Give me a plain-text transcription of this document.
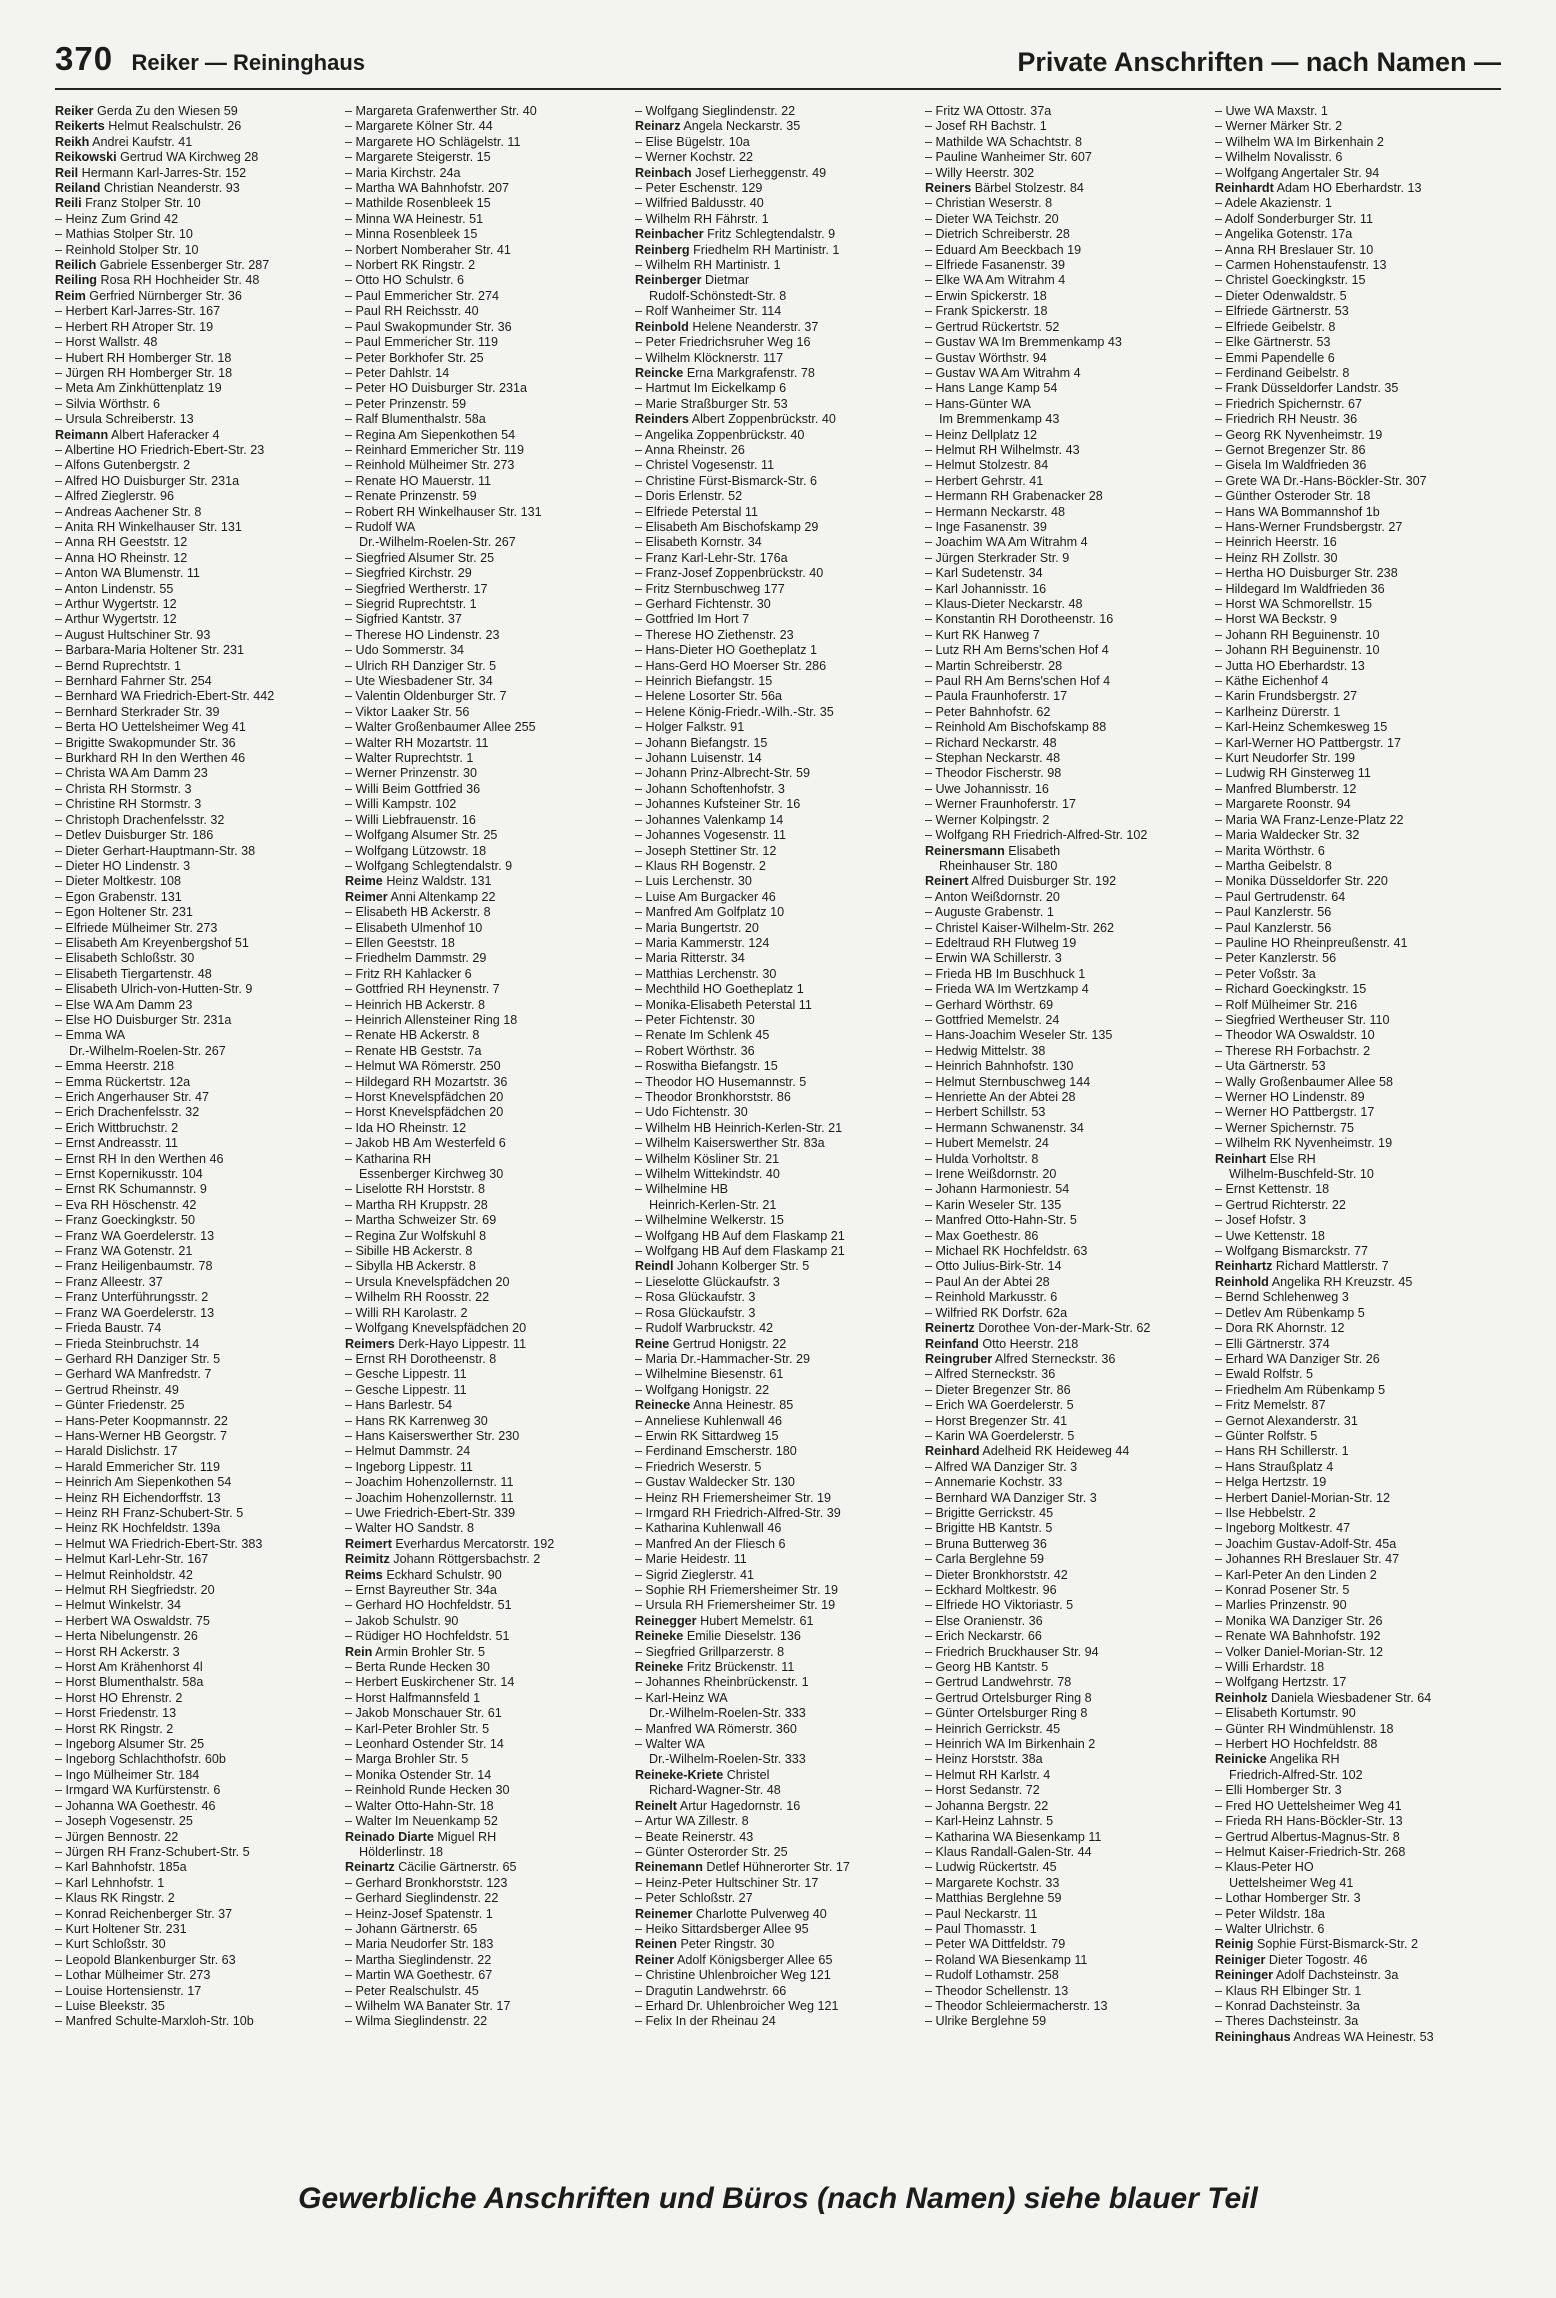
370 Reiker — Reininghaus	Private Anschriften — nach Namen —
Reiker Gerda Zu den Wiesen 59
Reikerts Helmut Realschulstr. 26
Reikh Andrei Kaufstr. 41
Reikowski Gertrud WA Kirchweg 28
Reil Hermann Karl-Jarres-Str. 152
Reiland Christian Neanderstr. 93
Reili Franz Stolper Str. 10
– Heinz Zum Grind 42
– Mathias Stolper Str. 10
– Reinhold Stolper Str. 10
Reilich Gabriele Essenberger Str. 287
Reiling Rosa RH Hochheider Str. 48
Reim Gerfried Nürnberger Str. 36
– Herbert Karl-Jarres-Str. 167
– Herbert RH Atroper Str. 19
– Horst Wallstr. 48
– Hubert RH Homberger Str. 18
– Jürgen RH Homberger Str. 18
– Meta Am Zinkhüttenplatz 19
– Silvia Wörthstr. 6
– Ursula Schreiberstr. 13
Reimann Albert Haferacker 4
– Albertine HO Friedrich-Ebert-Str. 23
– Alfons Gutenbergstr. 2
– Alfred HO Duisburger Str. 231a
– Alfred Zieglerstr. 96
– Andreas Aachener Str. 8
– Anita RH Winkelhauser Str. 131
– Anna RH Geeststr. 12
– Anna HO Rheinstr. 12
– Anton WA Blumenstr. 11
– Anton Lindenstr. 55
– Arthur Wygertstr. 12
– Arthur Wygertstr. 12
– August Hultschiner Str. 93
– Barbara-Maria Holtener Str. 231
– Bernd Ruprechtstr. 1
– Bernhard Fahrner Str. 254
– Bernhard WA Friedrich-Ebert-Str. 442
– Bernhard Sterkrader Str. 39
– Berta HO Uettelsheimer Weg 41
– Brigitte Swakopmunder Str. 36
– Burkhard RH In den Werthen 46
– Christa WA Am Damm 23
– Christa RH Stormstr. 3
– Christine RH Stormstr. 3
– Christoph Drachenfelsstr. 32
– Detlev Duisburger Str. 186
– Dieter Gerhart-Hauptmann-Str. 38
– Dieter HO Lindenstr. 3
– Dieter Moltkestr. 108
– Egon Grabenstr. 131
– Egon Holtener Str. 231
– Elfriede Mülheimer Str. 273
– Elisabeth Am Kreyenbergshof 51
– Elisabeth Schloßstr. 30
– Elisabeth Tiergartenstr. 48
– Elisabeth Ulrich-von-Hutten-Str. 9
– Else WA Am Damm 23
– Else HO Duisburger Str. 231a
– Emma WA
Dr.-Wilhelm-Roelen-Str. 267
– Emma Heerstr. 218
– Emma Rückertstr. 12a
– Erich Angerhauser Str. 47
– Erich Drachenfelsstr. 32
– Erich Wittbruchstr. 2
– Ernst Andreasstr. 11
– Ernst RH In den Werthen 46
– Ernst Kopernikusstr. 104
– Ernst RK Schumannstr. 9
– Eva RH Höschenstr. 42
– Franz Goeckingkstr. 50
– Franz WA Goerdelerstr. 13
– Franz WA Gotenstr. 21
– Franz Heiligenbaumstr. 78
– Franz Alleestr. 37
– Franz Unterführungsstr. 2
– Franz WA Goerdelerstr. 13
– Frieda Baustr. 74
– Frieda Steinbruchstr. 14
– Gerhard RH Danziger Str. 5
– Gerhard WA Manfredstr. 7
– Gertrud Rheinstr. 49
– Günter Friedenstr. 25
– Hans-Peter Koopmannstr. 22
– Hans-Werner HB Georgstr. 7
– Harald Dislichstr. 17
– Harald Emmericher Str. 119
– Heinrich Am Siepenkothen 54
– Heinz RH Eichendorffstr. 13
– Heinz RH Franz-Schubert-Str. 5
– Heinz RK Hochfeldstr. 139a
– Helmut WA Friedrich-Ebert-Str. 383
– Helmut Karl-Lehr-Str. 167
– Helmut Reinholdstr. 42
– Helmut RH Siegfriedstr. 20
– Helmut Winkelstr. 34
– Herbert WA Oswaldstr. 75
– Herta Nibelungenstr. 26
– Horst RH Ackerstr. 3
– Horst Am Krähenhorst 4l
– Horst Blumenthalstr. 58a
– Horst HO Ehrenstr. 2
– Horst Friedenstr. 13
– Horst RK Ringstr. 2
– Ingeborg Alsumer Str. 25
– Ingeborg Schlachthofstr. 60b
– Ingo Mülheimer Str. 184
– Irmgard WA Kurfürstenstr. 6
– Johanna WA Goethestr. 46
– Joseph Vogesenstr. 25
– Jürgen Bennostr. 22
– Jürgen RH Franz-Schubert-Str. 5
– Karl Bahnhofstr. 185a
– Karl Lehnhofstr. 1
– Klaus RK Ringstr. 2
– Konrad Reichenberger Str. 37
– Kurt Holtener Str. 231
– Kurt Schloßstr. 30
– Leopold Blankenburger Str. 63
– Lothar Mülheimer Str. 273
– Louise Hortensienstr. 17
– Luise Bleekstr. 35
– Manfred Schulte-Marxloh-Str. 10b
– Margareta Grafenwerther Str. 40
– Margarete Kölner Str. 44
– Margarete HO Schlägelstr. 11
– Margarete Steigerstr. 15
– Maria Kirchstr. 24a
– Martha WA Bahnhofstr. 207
– Mathilde Rosenbleek 15
– Minna WA Heinestr. 51
– Minna Rosenbleek 15
– Norbert Nomberaher Str. 41
– Norbert RK Ringstr. 2
– Otto HO Schulstr. 6
– Paul Emmericher Str. 274
– Paul RH Reichsstr. 40
– Paul Swakopmunder Str. 36
– Paul Emmericher Str. 119
– Peter Borkhofer Str. 25
– Peter Dahlstr. 14
– Peter HO Duisburger Str. 231a
– Peter Prinzenstr. 59
– Ralf Blumenthalstr. 58a
– Regina Am Siepenkothen 54
– Reinhard Emmericher Str. 119
– Reinhold Mülheimer Str. 273
– Renate HO Mauerstr. 11
– Renate Prinzenstr. 59
– Robert RH Winkelhauser Str. 131
– Rudolf WA
Dr.-Wilhelm-Roelen-Str. 267
– Siegfried Alsumer Str. 25
– Siegfried Kirchstr. 29
– Siegfried Wertherstr. 17
– Siegrid Ruprechtstr. 1
– Sigfried Kantstr. 37
– Therese HO Lindenstr. 23
– Udo Sommerstr. 34
– Ulrich RH Danziger Str. 5
– Ute Wiesbadener Str. 34
– Valentin Oldenburger Str. 7
– Viktor Laaker Str. 56
– Walter Großenbaumer Allee 255
– Walter RH Mozartstr. 11
– Walter Ruprechtstr. 1
– Werner Prinzenstr. 30
– Willi Beim Gottfried 36
– Willi Kampstr. 102
– Willi Liebfrauenstr. 16
– Wolfgang Alsumer Str. 25
– Wolfgang Lützowstr. 18
– Wolfgang Schlegtendalstr. 9
Reime Heinz Waldstr. 131
Reimer Anni Altenkamp 22
– Elisabeth HB Ackerstr. 8
– Elisabeth Ulmenhof 10
– Ellen Geeststr. 18
– Friedhelm Dammstr. 29
– Fritz RH Kahlacker 6
– Gottfried RH Heynenstr. 7
– Heinrich HB Ackerstr. 8
– Heinrich Allensteiner Ring 18
– Renate HB Ackerstr. 8
– Renate HB Geststr. 7a
– Helmut WA Römerstr. 250
– Hildegard RH Mozartstr. 36
– Horst Knevelspfädchen 20
– Horst Knevelspfädchen 20
– Ida HO Rheinstr. 12
– Jakob HB Am Westerfeld 6
– Katharina RH
Essenberger Kirchweg 30
– Liselotte RH Horststr. 8
– Martha RH Kruppstr. 28
– Martha Schweizer Str. 69
– Regina Zur Wolfskuhl 8
– Sibille HB Ackerstr. 8
– Sibylla HB Ackerstr. 8
– Ursula Knevelspfädchen 20
– Wilhelm RH Roosstr. 22
– Willi RH Karolastr. 2
– Wolfgang Knevelspfädchen 20
Reimers Derk-Hayo Lippestr. 11
– Ernst RH Dorotheenstr. 8
– Gesche Lippestr. 11
– Gesche Lippestr. 11
– Hans Barlestr. 54
– Hans RK Karrenweg 30
– Hans Kaiserswerther Str. 230
– Helmut Dammstr. 24
– Ingeborg Lippestr. 11
– Joachim Hohenzollernstr. 11
– Joachim Hohenzollernstr. 11
– Uwe Friedrich-Ebert-Str. 339
– Walter HO Sandstr. 8
Reimert Everhardus Mercatorstr. 192
Reimitz Johann Röttgersbachstr. 2
Reims Eckhard Schulstr. 90
– Ernst Bayreuther Str. 34a
– Gerhard HO Hochfeldstr. 51
– Jakob Schulstr. 90
– Rüdiger HO Hochfeldstr. 51
Rein Armin Brohler Str. 5
– Berta Runde Hecken 30
– Herbert Euskirchener Str. 14
– Horst Halfmannsfeld 1
– Jakob Monschauer Str. 61
– Karl-Peter Brohler Str. 5
– Leonhard Ostender Str. 14
– Marga Brohler Str. 5
– Monika Ostender Str. 14
– Reinhold Runde Hecken 30
– Walter Otto-Hahn-Str. 18
– Walter Im Neuenkamp 52
Reinado Diarte Miguel RH
Hölderlinstr. 18
Reinartz Cäcilie Gärtnerstr. 65
– Gerhard Bronkhorststr. 123
– Gerhard Sieglindenstr. 22
– Heinz-Josef Spatenstr. 1
– Johann Gärtnerstr. 65
– Maria Neudorfer Str. 183
– Martha Sieglindenstr. 22
– Martin WA Goethestr. 67
– Peter Realschulstr. 45
– Wilhelm WA Banater Str. 17
– Wilma Sieglindenstr. 22
– Wolfgang Sieglindenstr. 22
Reinarz Angela Neckarstr. 35
– Elise Bügelstr. 10a
– Werner Kochstr. 22
Reinbach Josef Lierheggenstr. 49
– Peter Eschenstr. 129
– Wilfried Baldusstr. 40
– Wilhelm RH Fährstr. 1
Reinbacher Fritz Schlegtendalstr. 9
Reinberg Friedhelm RH Martinistr. 1
– Wilhelm RH Martinistr. 1
Reinberger Dietmar
Rudolf-Schönstedt-Str. 8
– Rolf Wanheimer Str. 114
Reinbold Helene Neanderstr. 37
– Peter Friedrichsruher Weg 16
– Wilhelm Klöcknerstr. 117
Reincke Erna Markgrafenstr. 78
– Hartmut Im Eickelkamp 6
– Marie Straßburger Str. 53
Reinders Albert Zoppenbrückstr. 40
– Angelika Zoppenbrückstr. 40
– Anna Rheinstr. 26
– Christel Vogesenstr. 11
– Christine Fürst-Bismarck-Str. 6
– Doris Erlenstr. 52
– Elfriede Peterstal 11
– Elisabeth Am Bischofskamp 29
– Elisabeth Kornstr. 34
– Franz Karl-Lehr-Str. 176a
– Franz-Josef Zoppenbrückstr. 40
– Fritz Sternbuschweg 177
– Gerhard Fichtenstr. 30
– Gottfried Im Hort 7
– Therese HO Ziethenstr. 23
– Hans-Dieter HO Goetheplatz 1
– Hans-Gerd HO Moerser Str. 286
– Heinrich Biefangstr. 15
– Helene Losorter Str. 56a
– Helene König-Friedr.-Wilh.-Str. 35
– Holger Falkstr. 91
– Johann Biefangstr. 15
– Johann Luisenstr. 14
– Johann Prinz-Albrecht-Str. 59
– Johann Schoftenhofstr. 3
– Johannes Kufsteiner Str. 16
– Johannes Valenkamp 14
– Johannes Vogesenstr. 11
– Joseph Stettiner Str. 12
– Klaus RH Bogenstr. 2
– Luis Lerchenstr. 30
– Luise Am Burgacker 46
– Manfred Am Golfplatz 10
– Maria Bungertstr. 20
– Maria Kammerstr. 124
– Maria Ritterstr. 34
– Matthias Lerchenstr. 30
– Mechthild HO Goetheplatz 1
– Monika-Elisabeth Peterstal 11
– Peter Fichtenstr. 30
– Renate Im Schlenk 45
– Robert Wörthstr. 36
– Roswitha Biefangstr. 15
– Theodor HO Husemannstr. 5
– Theodor Bronkhorststr. 86
– Udo Fichtenstr. 30
– Wilhelm HB Heinrich-Kerlen-Str. 21
– Wilhelm Kaiserswerther Str. 83a
– Wilhelm Kösliner Str. 21
– Wilhelm Wittekindstr. 40
– Wilhelmine HB
Heinrich-Kerlen-Str. 21
– Wilhelmine Welkerstr. 15
– Wolfgang HB Auf dem Flaskamp 21
– Wolfgang HB Auf dem Flaskamp 21
Reindl Johann Kolberger Str. 5
– Lieselotte Glückaufstr. 3
– Rosa Glückaufstr. 3
– Rosa Glückaufstr. 3
– Rudolf Warbruckstr. 42
Reine Gertrud Honigstr. 22
– Maria Dr.-Hammacher-Str. 29
– Wilhelmine Biesenstr. 61
– Wolfgang Honigstr. 22
Reinecke Anna Heinestr. 85
– Anneliese Kuhlenwall 46
– Erwin RK Sittardweg 15
– Ferdinand Emscherstr. 180
– Friedrich Weserstr. 5
– Gustav Waldecker Str. 130
– Heinz RH Friemersheimer Str. 19
– Irmgard RH Friedrich-Alfred-Str. 39
– Katharina Kuhlenwall 46
– Manfred An der Fliesch 6
– Marie Heidestr. 11
– Sigrid Zieglerstr. 41
– Sophie RH Friemersheimer Str. 19
– Ursula RH Friemersheimer Str. 19
Reinegger Hubert Memelstr. 61
Reineke Emilie Dieselstr. 136
– Siegfried Grillparzerstr. 8
Reineke Fritz Brückenstr. 11
– Johannes Rheinbrückenstr. 1
– Karl-Heinz WA
Dr.-Wilhelm-Roelen-Str. 333
– Manfred WA Römerstr. 360
– Walter WA
Dr.-Wilhelm-Roelen-Str. 333
Reineke-Kriete Christel
Richard-Wagner-Str. 48
Reinelt Artur Hagedornstr. 16
– Artur WA Zillestr. 8
– Beate Reinerstr. 43
– Günter Osterorder Str. 25
Reinemann Detlef Hühnerorter Str. 17
– Heinz-Peter Hultschiner Str. 17
– Peter Schloßstr. 27
Reinemer Charlotte Pulverweg 40
– Heiko Sittardsberger Allee 95
Reinen Peter Ringstr. 30
Reiner Adolf Königsberger Allee 65
– Christine Uhlenbroicher Weg 121
– Dragutin Landwehrstr. 66
– Erhard Dr. Uhlenbroicher Weg 121
– Felix In der Rheinau 24
– Fritz WA Ottostr. 37a
– Josef RH Bachstr. 1
– Mathilde WA Schachtstr. 8
– Pauline Wanheimer Str. 607
– Willy Heerstr. 302
Reiners Bärbel Stolzestr. 84
– Christian Weserstr. 8
– Dieter WA Teichstr. 20
– Dietrich Schreiberstr. 28
– Eduard Am Beeckbach 19
– Elfriede Fasanenstr. 39
– Elke WA Am Witrahm 4
– Erwin Spickerstr. 18
– Frank Spickerstr. 18
– Gertrud Rückertstr. 52
– Gustav WA Im Bremmenkamp 43
– Gustav Wörthstr. 94
– Gustav WA Am Witrahm 4
– Hans Lange Kamp 54
– Hans-Günter WA
Im Bremmenkamp 43
– Heinz Dellplatz 12
– Helmut RH Wilhelmstr. 43
– Helmut Stolzestr. 84
– Herbert Gehrstr. 41
– Hermann RH Grabenacker 28
– Hermann Neckarstr. 48
– Inge Fasanenstr. 39
– Joachim WA Am Witrahm 4
– Jürgen Sterkrader Str. 9
– Karl Sudetenstr. 34
– Karl Johannisstr. 16
– Klaus-Dieter Neckarstr. 48
– Konstantin RH Dorotheenstr. 16
– Kurt RK Hanweg 7
– Lutz RH Am Berns'schen Hof 4
– Martin Schreiberstr. 28
– Paul RH Am Berns'schen Hof 4
– Paula Fraunhoferstr. 17
– Peter Bahnhofstr. 62
– Reinhold Am Bischofskamp 88
– Richard Neckarstr. 48
– Stephan Neckarstr. 48
– Theodor Fischerstr. 98
– Uwe Johannisstr. 16
– Werner Fraunhoferstr. 17
– Werner Kolpingstr. 2
– Wolfgang RH Friedrich-Alfred-Str. 102
Reinersmann Elisabeth
Rheinhauser Str. 180
Reinert Alfred Duisburger Str. 192
– Anton Weißdornstr. 20
– Auguste Grabenstr. 1
– Christel Kaiser-Wilhelm-Str. 262
– Edeltraud RH Flutweg 19
– Erwin WA Schillerstr. 3
– Frieda HB Im Buschhuck 1
– Frieda WA Im Wertzkamp 4
– Gerhard Wörthstr. 69
– Gottfried Memelstr. 24
– Hans-Joachim Weseler Str. 135
– Hedwig Mittelstr. 38
– Heinrich Bahnhofstr. 130
– Helmut Sternbuschweg 144
– Henriette An der Abtei 28
– Herbert Schillstr. 53
– Hermann Schwanenstr. 34
– Hubert Memelstr. 24
– Hulda Vorholtstr. 8
– Irene Weißdornstr. 20
– Johann Harmoniestr. 54
– Karin Weseler Str. 135
– Manfred Otto-Hahn-Str. 5
– Max Goethestr. 86
– Michael RK Hochfeldstr. 63
– Otto Julius-Birk-Str. 14
– Paul An der Abtei 28
– Reinhold Markusstr. 6
– Wilfried RK Dorfstr. 62a
Reinertz Dorothee Von-der-Mark-Str. 62
Reinfand Otto Heerstr. 218
Reingruber Alfred Sterneckstr. 36
– Alfred Sterneckstr. 36
– Dieter Bregenzer Str. 86
– Erich WA Goerdelerstr. 5
– Horst Bregenzer Str. 41
– Karin WA Goerdelerstr. 5
Reinhard Adelheid RK Heideweg 44
– Alfred WA Danziger Str. 3
– Annemarie Kochstr. 33
– Bernhard WA Danziger Str. 3
– Brigitte Gerrickstr. 45
– Brigitte HB Kantstr. 5
– Bruna Butterweg 36
– Carla Berglehne 59
– Dieter Bronkhorststr. 42
– Eckhard Moltkestr. 96
– Elfriede HO Viktoriastr. 5
– Else Oranienstr. 36
– Erich Neckarstr. 66
– Friedrich Bruckhauser Str. 94
– Georg HB Kantstr. 5
– Gertrud Landwehrstr. 78
– Gertrud Ortelsburger Ring 8
– Günter Ortelsburger Ring 8
– Heinrich Gerrickstr. 45
– Heinrich WA Im Birkenhain 2
– Heinz Horststr. 38a
– Helmut RH Karlstr. 4
– Horst Sedanstr. 72
– Johanna Bergstr. 22
– Karl-Heinz Lahnstr. 5
– Katharina WA Biesenkamp 11
– Klaus Randall-Galen-Str. 44
– Ludwig Rückertstr. 45
– Margarete Kochstr. 33
– Matthias Berglehne 59
– Paul Neckarstr. 11
– Paul Thomasstr. 1
– Peter WA Dittfeldstr. 79
– Roland WA Biesenkamp 11
– Rudolf Lothamstr. 258
– Theodor Schellenstr. 13
– Theodor Schleiermacherstr. 13
– Ulrike Berglehne 59
– Uwe WA Maxstr. 1
– Werner Märker Str. 2
– Wilhelm WA Im Birkenhain 2
– Wilhelm Novalisstr. 6
– Wolfgang Angertaler Str. 94
Reinhardt Adam HO Eberhardstr. 13
– Adele Akazienstr. 1
– Adolf Sonderburger Str. 11
– Angelika Gotenstr. 17a
– Anna RH Breslauer Str. 10
– Carmen Hohenstaufenstr. 13
– Christel Goeckingkstr. 15
– Dieter Odenwaldstr. 5
– Elfriede Gärtnerstr. 53
– Elfriede Geibelstr. 8
– Elke Gärtnerstr. 53
– Emmi Papendelle 6
– Ferdinand Geibelstr. 8
– Frank Düsseldorfer Landstr. 35
– Friedrich Spichernstr. 67
– Friedrich RH Neustr. 36
– Georg RK Nyvenheimstr. 19
– Gernot Bregenzer Str. 86
– Gisela Im Waldfrieden 36
– Grete WA Dr.-Hans-Böckler-Str. 307
– Günther Osteroder Str. 18
– Hans WA Bommannshof 1b
– Hans-Werner Frundsbergstr. 27
– Heinrich Heerstr. 16
– Heinz RH Zollstr. 30
– Hertha HO Duisburger Str. 238
– Hildegard Im Waldfrieden 36
– Horst WA Schmorellstr. 15
– Horst WA Beckstr. 9
– Johann RH Beguinenstr. 10
– Johann RH Beguinenstr. 10
– Jutta HO Eberhardstr. 13
– Käthe Eichenhof 4
– Karin Frundsbergstr. 27
– Karlheinz Dürerstr. 1
– Karl-Heinz Schemkesweg 15
– Karl-Werner HO Pattbergstr. 17
– Kurt Neudorfer Str. 199
– Ludwig RH Ginsterweg 11
– Manfred Blumberstr. 12
– Margarete Roonstr. 94
– Maria WA Franz-Lenze-Platz 22
– Maria Waldecker Str. 32
– Marita Wörthstr. 6
– Martha Geibelstr. 8
– Monika Düsseldorfer Str. 220
– Paul Gertrudenstr. 64
– Paul Kanzlerstr. 56
– Paul Kanzlerstr. 56
– Pauline HO Rheinpreußenstr. 41
– Peter Kanzlerstr. 56
– Peter Voßstr. 3a
– Richard Goeckingkstr. 15
– Rolf Mülheimer Str. 216
– Siegfried Wertheuser Str. 110
– Theodor WA Oswaldstr. 10
– Therese RH Forbachstr. 2
– Uta Gärtnerstr. 53
– Wally Großenbaumer Allee 58
– Werner HO Lindenstr. 89
– Werner HO Pattbergstr. 17
– Werner Spichernstr. 75
– Wilhelm RK Nyvenheimstr. 19
Reinhart Else RH
Wilhelm-Buschfeld-Str. 10
– Ernst Kettenstr. 18
– Gertrud Richterstr. 22
– Josef Hofstr. 3
– Uwe Kettenstr. 18
– Wolfgang Bismarckstr. 77
Reinhartz Richard Mattlerstr. 7
Reinhold Angelika RH Kreuzstr. 45
– Bernd Schlehenweg 3
– Detlev Am Rübenkamp 5
– Dora RK Ahornstr. 12
– Elli Gärtnerstr. 374
– Erhard WA Danziger Str. 26
– Ewald Rolfstr. 5
– Friedhelm Am Rübenkamp 5
– Fritz Memelstr. 87
– Gernot Alexanderstr. 31
– Günter Rolfstr. 5
– Hans RH Schillerstr. 1
– Hans Straußplatz 4
– Helga Hertzstr. 19
– Herbert Daniel-Morian-Str. 12
– Ilse Hebbelstr. 2
– Ingeborg Moltkestr. 47
– Joachim Gustav-Adolf-Str. 45a
– Johannes RH Breslauer Str. 47
– Karl-Peter An den Linden 2
– Konrad Posener Str. 5
– Marlies Prinzenstr. 90
– Monika WA Danziger Str. 26
– Renate WA Bahnhofstr. 192
– Volker Daniel-Morian-Str. 12
– Willi Erhardstr. 18
– Wolfgang Hertzstr. 17
Reinholz Daniela Wiesbadener Str. 64
– Elisabeth Kortumstr. 90
– Günter RH Windmühlenstr. 18
– Herbert HO Hochfeldstr. 88
Reinicke Angelika RH
Friedrich-Alfred-Str. 102
– Elli Homberger Str. 3
– Fred HO Uettelsheimer Weg 41
– Frieda RH Hans-Böckler-Str. 13
– Gertrud Albertus-Magnus-Str. 8
– Helmut Kaiser-Friedrich-Str. 268
– Klaus-Peter HO
Uettelsheimer Weg 41
– Lothar Homberger Str. 3
– Peter Wildstr. 18a
– Walter Ulrichstr. 6
Reinig Sophie Fürst-Bismarck-Str. 2
Reiniger Dieter Togostr. 46
Reininger Adolf Dachsteinstr. 3a
– Klaus RH Elbinger Str. 1
– Konrad Dachsteinstr. 3a
– Theres Dachsteinstr. 3a
Reininghaus Andreas WA Heinestr. 53
Gewerbliche Anschriften und Büros (nach Namen) siehe blauer Teil
